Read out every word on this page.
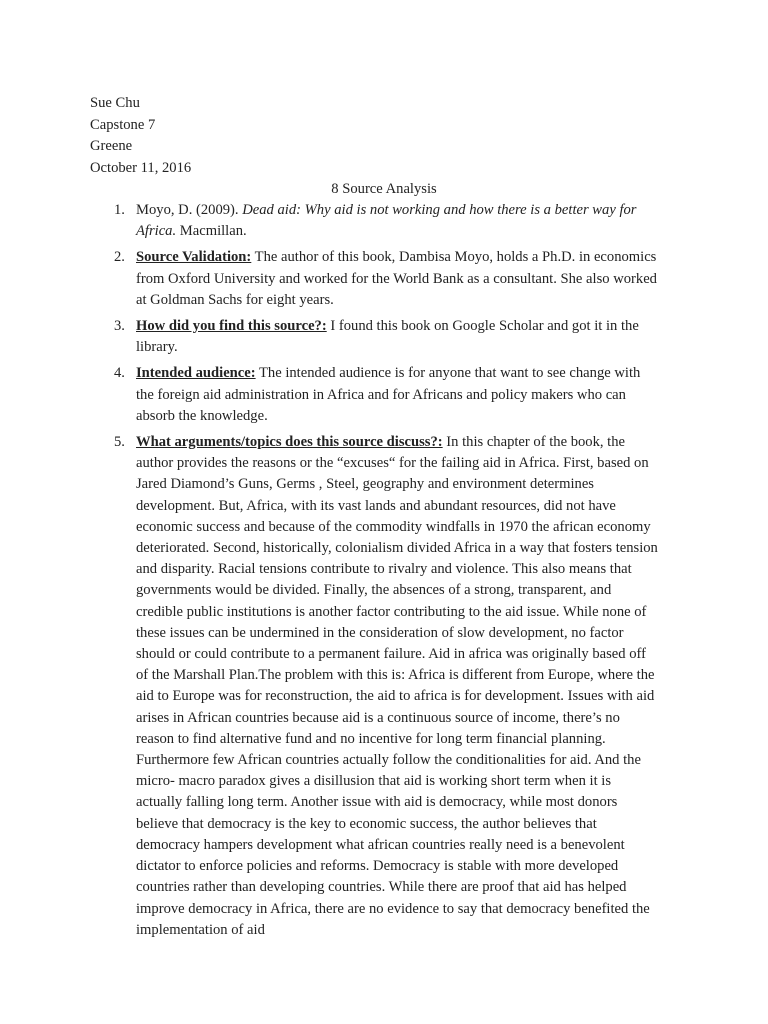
Sue Chu
Capstone 7
Greene
October 11, 2016
8 Source Analysis
1. Moyo, D. (2009). Dead aid: Why aid is not working and how there is a better way for Africa. Macmillan.
2. Source Validation: The author of this book, Dambisa Moyo, holds a Ph.D. in economics from Oxford University and worked for the World Bank as a consultant. She also worked at Goldman Sachs for eight years.
3. How did you find this source?: I found this book on Google Scholar and got it in the library.
4. Intended audience: The intended audience is for anyone that want to see change with the foreign aid administration in Africa and for Africans and policy makers who can absorb the knowledge.
5. What arguments/topics does this source discuss?: In this chapter of the book, the author provides the reasons or the “excuses“ for the failing aid in Africa. First, based on Jared Diamond’s Guns, Germs , Steel, geography and environment determines development. But, Africa, with its vast lands and abundant resources, did not have economic success and because of the commodity windfalls in 1970 the african economy deteriorated. Second, historically, colonialism divided Africa in a way that fosters tension and disparity. Racial tensions contribute to rivalry and violence. This also means that governments would be divided. Finally, the absences of a strong, transparent, and credible public institutions is another factor contributing to the aid issue. While none of these issues can be undermined in the consideration of slow development, no factor should or could contribute to a permanent failure. Aid in africa was originally based off of the Marshall Plan.The problem with this is: Africa is different from Europe, where the aid to Europe was for reconstruction, the aid to africa is for development. Issues with aid arises in African countries because aid is a continuous source of income, there’s no reason to find alternative fund and no incentive for long term financial planning. Furthermore few African countries actually follow the conditionalities for aid. And the micro- macro paradox gives a disillusion that aid is working short term when it is actually falling long term. Another issue with aid is democracy, while most donors believe that democracy is the key to economic success, the author believes that democracy hampers development what african countries really need is a benevolent dictator to enforce policies and reforms. Democracy is stable with more developed countries rather than developing countries. While there are proof that aid has helped improve democracy in Africa, there are no evidence to say that democracy benefited the implementation of aid
